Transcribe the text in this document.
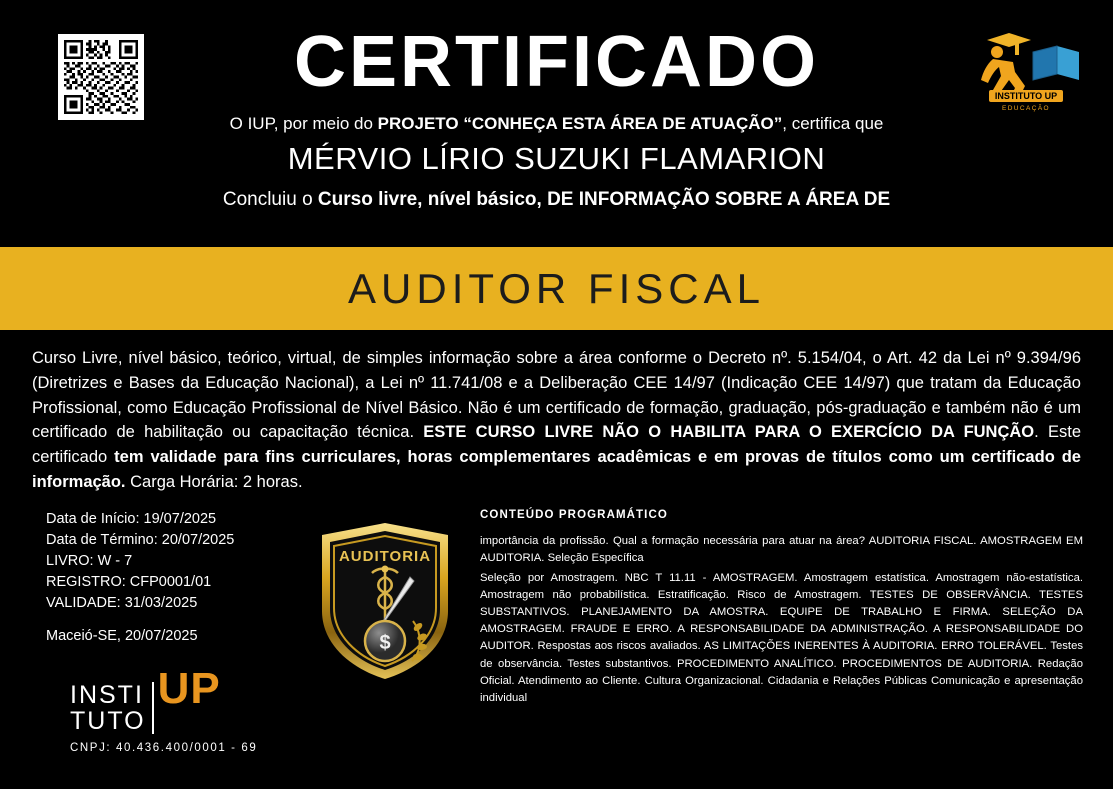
CERTIFICADO
O IUP, por meio do PROJETO “CONHEÇA ESTA ÁREA DE ATUAÇÃO”, certifica que
MÉRVIO LÍRIO SUZUKI FLAMARION
Concluiu o Curso livre, nível básico, DE INFORMAÇÃO SOBRE A ÁREA DE
INSTITUTO UP
EDUCAÇÃO
AUDITOR FISCAL
Curso Livre, nível básico, teórico, virtual, de simples informação sobre a área conforme o Decreto nº. 5.154/04, o Art. 42 da Lei nº 9.394/96 (Diretrizes e Bases da Educação Nacional), a Lei nº 11.741/08 e a Deliberação CEE 14/97 (Indicação CEE 14/97) que tratam da Educação Profissional, como Educação Profissional de Nível Básico. Não é um certificado de formação, graduação, pós-graduação e também não é um certificado de habilitação ou capacitação técnica. ESTE CURSO LIVRE NÃO O HABILITA PARA O EXERCÍCIO DA FUNÇÃO. Este certificado tem validade para fins curriculares, horas complementares acadêmicas e em provas de títulos como um certificado de informação. Carga Horária: 2 horas.
Data de Início: 19/07/2025
Data de Término: 20/07/2025
LIVRO: W - 7
REGISTRO: CFP0001/01
VALIDADE: 31/03/2025
Maceió-SE, 20/07/2025
INSTI
TUTO
UP
CNPJ: 40.436.400/0001 - 69
AUDITORIA
$
CONTEÚDO PROGRAMÁTICO

importância da profissão. Qual a formação necessária para atuar na área? AUDITORIA FISCAL. AMOSTRAGEM EM AUDITORIA. Seleção Específica

Seleção por Amostragem. NBC T 11.11 - AMOSTRAGEM. Amostragem estatística. Amostragem não-estatística. Amostragem não probabilística. Estratificação. Risco de Amostragem. TESTES DE OBSERVÂNCIA. TESTES SUBSTANTIVOS. PLANEJAMENTO DA AMOSTRA. EQUIPE DE TRABALHO E FIRMA. SELEÇÃO DA AMOSTRAGEM. FRAUDE E ERRO. A RESPONSABILIDADE DA ADMINISTRAÇÃO. A RESPONSABILIDADE DO AUDITOR. Respostas aos riscos avaliados. AS LIMITAÇÕES INERENTES À AUDITORIA. ERRO TOLERÁVEL. Testes de observância. Testes substantivos. PROCEDIMENTO ANALÍTICO. PROCEDIMENTOS DE AUDITORIA. Redação Oficial. Atendimento ao Cliente. Cultura Organizacional. Cidadania e Relações Públicas Comunicação e apresentação individual
